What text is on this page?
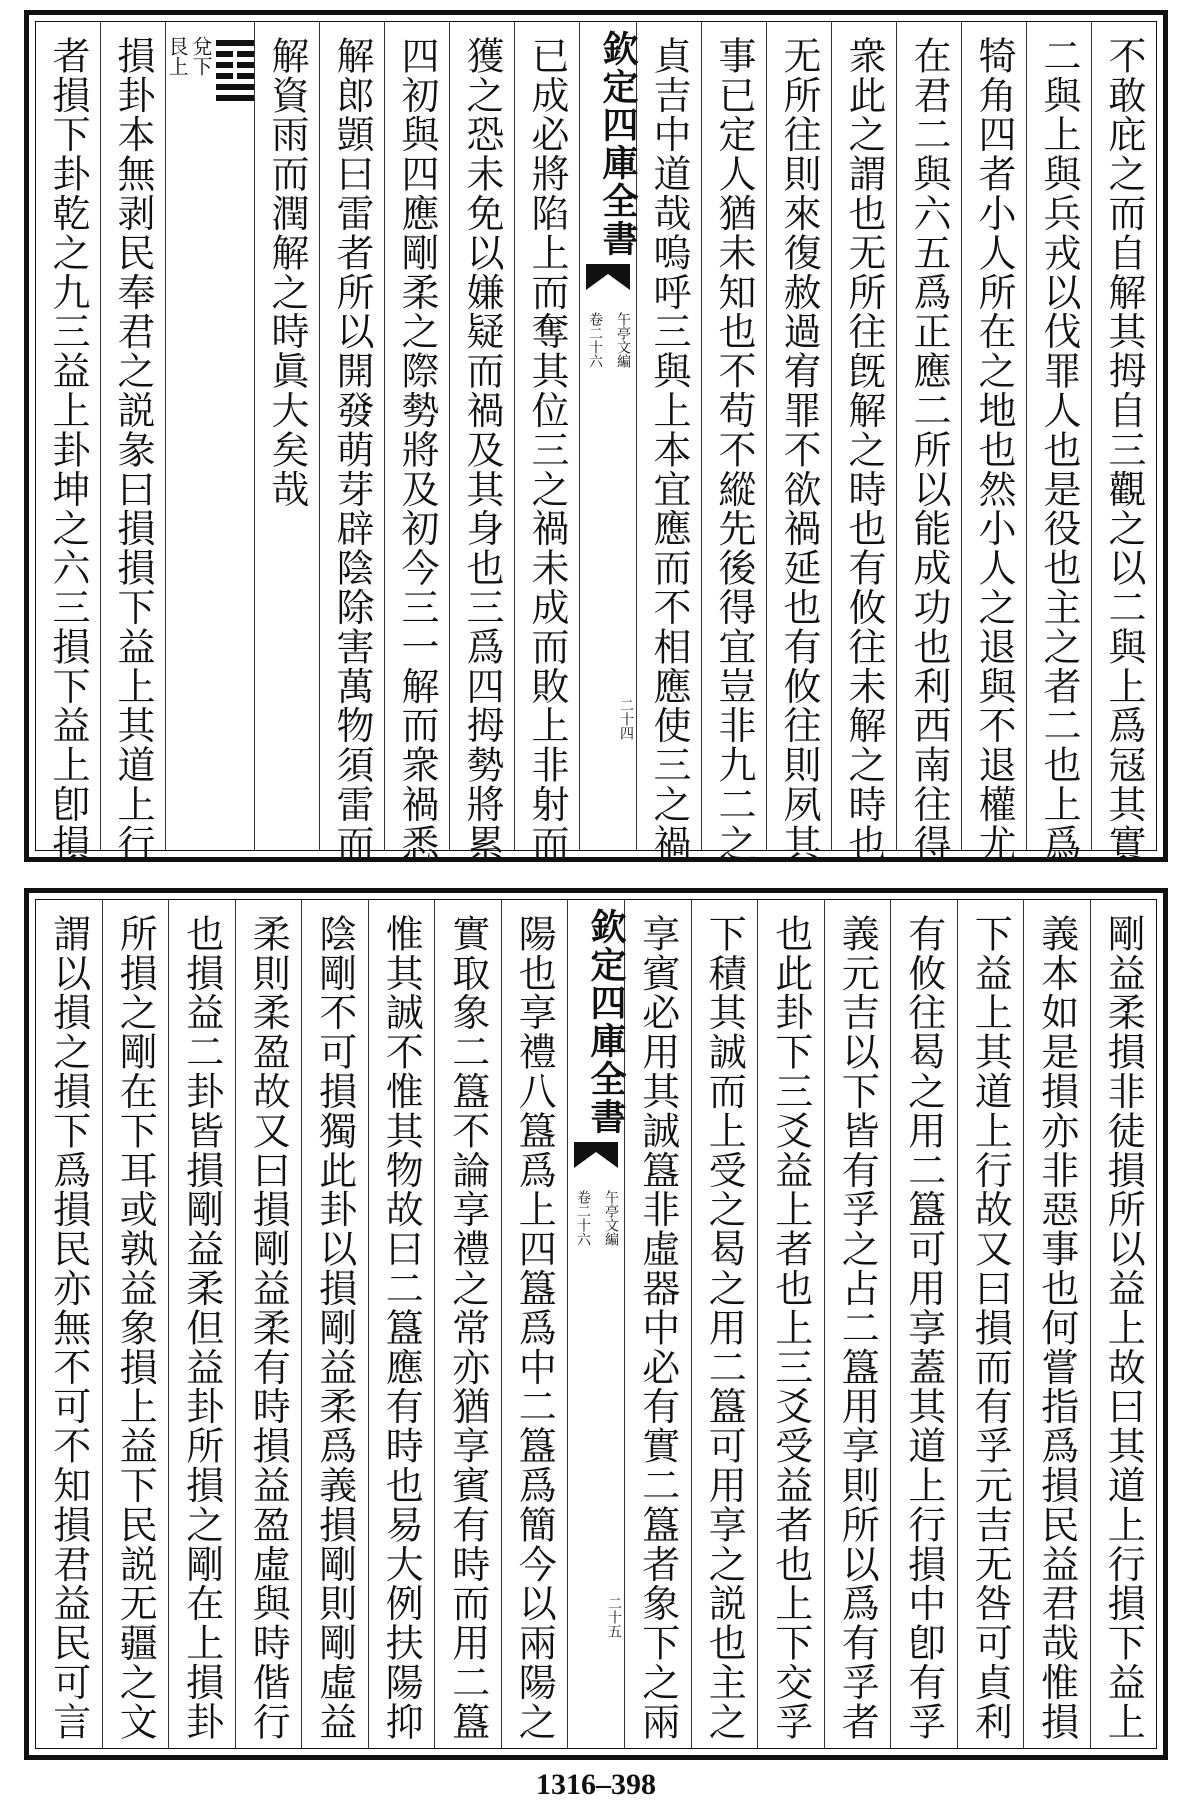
不敢庇之而自解其拇自三觀之以二與上爲冦其實
二與上與兵戎以伐罪人也是役也主之者二也上爲
犄角四者小人所在之地也然小人之退與不退權尤
在君二與六五爲正應二所以能成功也利西南往得
衆此之謂也无所往旣解之時也有攸往未解之時也
无所往則來復赦過宥罪不欲禍延也有攸往則夙其
事已定人猶未知也不苟不縱先後得宜豈非九二之
貞吉中道哉嗚呼三與上本宜應而不相應使三之禍
欽定四庫全書
午亭文編
卷二十六
二十四
已成必將陷上而奪其位三之禍未成而敗上非射而
獲之恐未免以嫌疑而禍及其身也三爲四拇勢將累
四初與四應剛柔之際勢將及初今三一解而衆禍悉
解郎顗曰雷者所以開發萌芽辟陰除害萬物須雷而
解資雨而潤解之時眞大矣哉
兌下
艮上
損卦本無剥民奉君之説彖曰損損下益上其道上行
者損下卦乾之九三益上卦坤之六三損下益上卽損
剛益柔損非徒損所以益上故曰其道上行損下益上
義本如是損亦非惡事也何嘗指爲損民益君哉惟損
下益上其道上行故又曰損而有孚元吉无咎可貞利
有攸往曷之用二簋可用享蓋其道上行損中卽有孚
義元吉以下皆有孚之占二簋用享則所以爲有孚者
也此卦下三爻益上者也上三爻受益者也上下交孚
下積其誠而上受之曷之用二簋可用享之説也主之
享賓必用其誠簋非虛器中必有實二簋者象下之兩
欽定四庫全書
午亭文編
卷二十六
二十五
陽也享禮八簋爲上四簋爲中二簋爲簡今以兩陽之
實取象二簋不論享禮之常亦猶享賓有時而用二簋
惟其誠不惟其物故曰二簋應有時也易大例扶陽抑
陰剛不可損獨此卦以損剛益柔爲義損剛則剛虛益
柔則柔盈故又曰損剛益柔有時損益盈虛與時偕行
也損益二卦皆損剛益柔但益卦所損之剛在上損卦
所損之剛在下耳或孰益象損上益下民説无疆之文
謂以損之損下爲損民亦無不可不知損君益民可言
1316–398
